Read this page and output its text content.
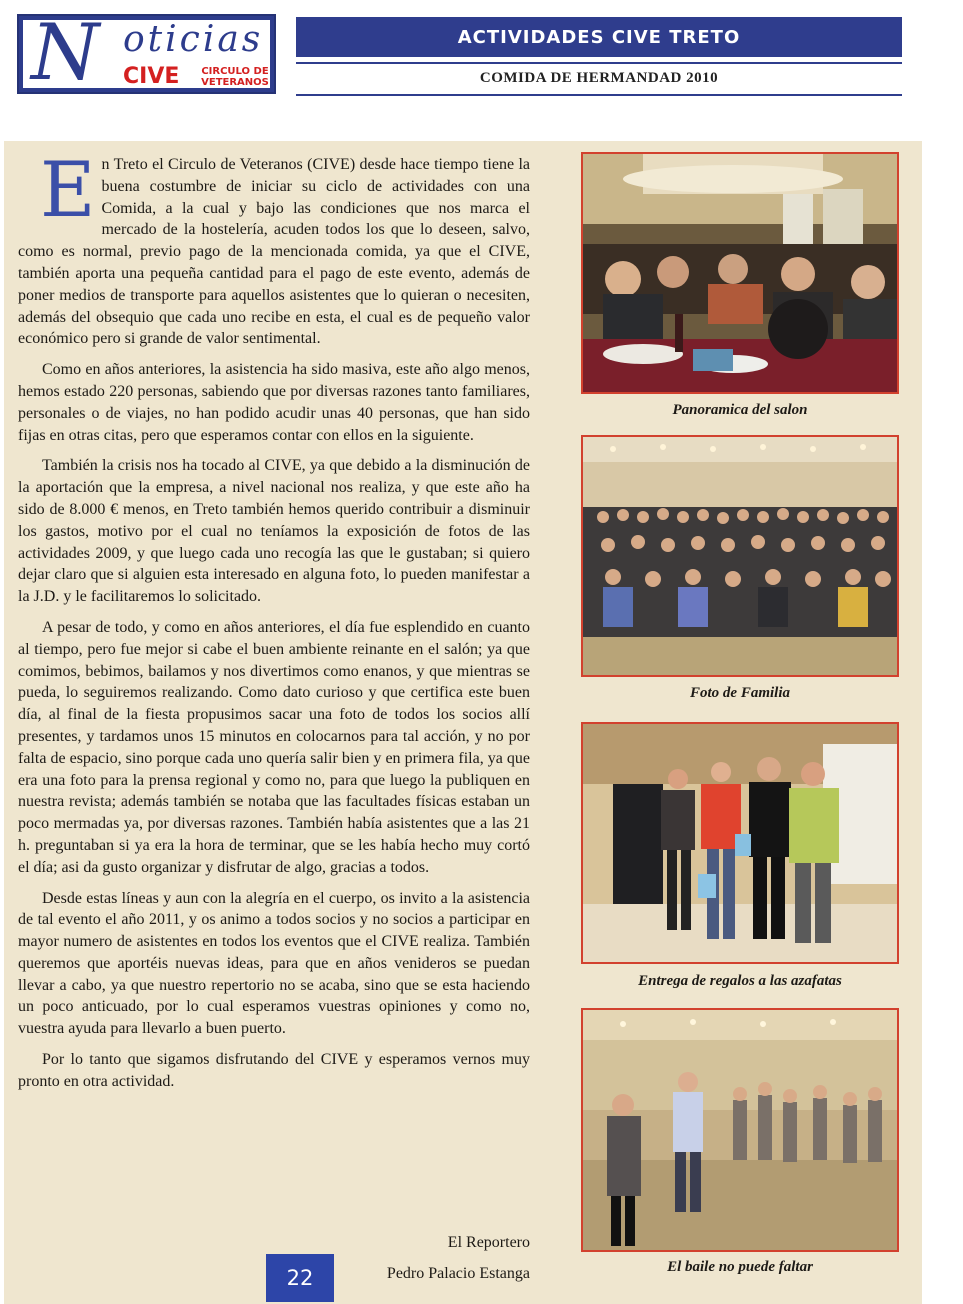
N oticias
CIVE	CIRCULO DE VETERANOS
ACTIVIDADES CIVE TRETO
COMIDA DE HERMANDAD 2010

En Treto el Circulo de Veteranos (CIVE) desde hace tiempo tiene la buena costumbre de iniciar su ciclo de actividades con una Comida, a la cual y bajo las condiciones que nos marca el mercado de la hostelería, acuden todos los que lo deseen, salvo, como es normal, previo pago de la mencionada comida, ya que el CIVE, también aporta una pequeña cantidad para el pago de este evento, además de poner medios de transporte para aquellos asistentes que lo quieran o necesiten, además del obsequio que cada uno recibe en esta, el cual es de pequeño valor económico pero si grande de valor sentimental.

Como en años anteriores, la asistencia ha sido masiva, este año algo menos, hemos estado 220 personas, sabiendo que por diversas razones tanto familiares, personales o de viajes, no han podido acudir unas 40 personas, que han sido fijas en otras citas, pero que esperamos contar con ellos en la siguiente.

También la crisis nos ha tocado al CIVE, ya que debido a la disminución de la aportación que la empresa, a nivel nacional nos realiza, y que este año ha sido de 8.000 € menos, en Treto también hemos querido contribuir a disminuir los gastos, motivo por el cual no teníamos la exposición de fotos de las actividades 2009, y que luego cada uno recogía las que le gustaban; si quiero dejar claro que si alguien esta interesado en alguna foto, lo pueden manifestar a la J.D. y le facilitaremos lo solicitado.

A pesar de todo, y como en años anteriores, el día fue esplendido en cuanto al tiempo, pero fue mejor si cabe el buen ambiente reinante en el salón; ya que comimos, bebimos, bailamos y nos divertimos como enanos, y que mientras se pueda, lo seguiremos realizando. Como dato curioso y que certifica este buen día, al final de la fiesta propusimos sacar una foto de todos los socios allí presentes, y tardamos unos 15 minutos en colocarnos para tal acción, y no por falta de espacio, sino porque cada uno quería salir bien y en primera fila, ya que era una foto para la prensa regional y como no, para que luego la publiquen en nuestra revista; además también se notaba que las facultades físicas estaban un poco mermadas ya, por diversas razones. También había asistentes que a las 21 h. preguntaban si ya era la hora de terminar, que se les había hecho muy cortó el día; asi da gusto organizar y disfrutar de algo, gracias a todos.

Desde estas líneas y aun con la alegría en el cuerpo, os invito a la asistencia de tal evento el año 2011, y os animo a todos socios y no socios a participar en mayor numero de asistentes en todos los eventos que el CIVE realiza. También queremos que aportéis nuevas ideas, para que en años venideros se puedan llevar a cabo, ya que nuestro repertorio no se acaba, sino que se esta haciendo un poco anticuado, por lo cual esperamos vuestras opiniones y como no, vuestra ayuda para llevarlo a buen puerto.

Por lo tanto que sigamos disfrutando del CIVE y esperamos vernos muy pronto en otra actividad.

El Reportero
Pedro Palacio Estanga
Panoramica del salon
Foto de Familia
Entrega de regalos a las azafatas
El baile no puede faltar
22
